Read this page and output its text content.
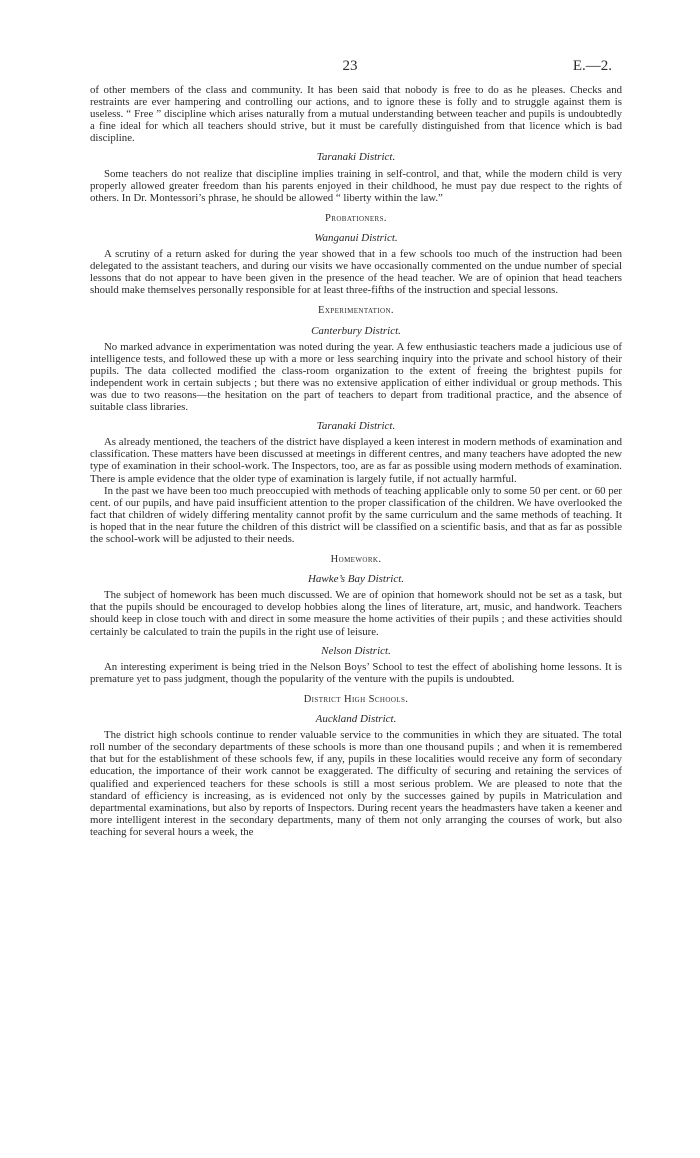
23	E.—2.

of other members of the class and community. It has been said that nobody is free to do as he pleases. Checks and restraints are ever hampering and controlling our actions, and to ignore these is folly and to struggle against them is useless. “ Free ” discipline which arises naturally from a mutual understanding between teacher and pupils is undoubtedly a fine ideal for which all teachers should strive, but it must be carefully distinguished from that licence which is bad discipline.

Taranaki District.

Some teachers do not realize that discipline implies training in self-control, and that, while the modern child is very properly allowed greater freedom than his parents enjoyed in their childhood, he must pay due respect to the rights of others. In Dr. Montessori’s phrase, he should be allowed “ liberty within the law.”

Probationers.
Wanganui District.

A scrutiny of a return asked for during the year showed that in a few schools too much of the instruction had been delegated to the assistant teachers, and during our visits we have occasionally commented on the undue number of special lessons that do not appear to have been given in the presence of the head teacher. We are of opinion that head teachers should make themselves personally responsible for at least three-fifths of the instruction and special lessons.

Experimentation.
Canterbury District.

No marked advance in experimentation was noted during the year. A few enthusiastic teachers made a judicious use of intelligence tests, and followed these up with a more or less searching inquiry into the private and school history of their pupils. The data collected modified the class-room organization to the extent of freeing the brightest pupils for independent work in certain subjects ; but there was no extensive application of either individual or group methods. This was due to two reasons—the hesitation on the part of teachers to depart from traditional practice, and the absence of suitable class libraries.

Taranaki District.

As already mentioned, the teachers of the district have displayed a keen interest in modern methods of examination and classification. These matters have been discussed at meetings in different centres, and many teachers have adopted the new type of examination in their school-work. The Inspectors, too, are as far as possible using modern methods of examination. There is ample evidence that the older type of examination is largely futile, if not actually harmful.

In the past we have been too much preoccupied with methods of teaching applicable only to some 50 per cent. or 60 per cent. of our pupils, and have paid insufficient attention to the proper classification of the children. We have overlooked the fact that children of widely differing mentality cannot profit by the same curriculum and the same methods of teaching. It is hoped that in the near future the children of this district will be classified on a scientific basis, and that as far as possible the school-work will be adjusted to their needs.

Homework.
Hawke’s Bay District.

The subject of homework has been much discussed. We are of opinion that homework should not be set as a task, but that the pupils should be encouraged to develop hobbies along the lines of literature, art, music, and handwork. Teachers should keep in close touch with and direct in some measure the home activities of their pupils ; and these activities should certainly be calculated to train the pupils in the right use of leisure.

Nelson District.

An interesting experiment is being tried in the Nelson Boys’ School to test the effect of abolishing home lessons. It is premature yet to pass judgment, though the popularity of the venture with the pupils is undoubted.

District High Schools.
Auckland District.

The district high schools continue to render valuable service to the communities in which they are situated. The total roll number of the secondary departments of these schools is more than one thousand pupils ; and when it is remembered that but for the establishment of these schools few, if any, pupils in these localities would receive any form of secondary education, the importance of their work cannot be exaggerated. The difficulty of securing and retaining the services of qualified and experienced teachers for these schools is still a most serious problem. We are pleased to note that the standard of efficiency is increasing, as is evidenced not only by the successes gained by pupils in Matriculation and departmental examinations, but also by reports of Inspectors. During recent years the headmasters have taken a keener and more intelligent interest in the secondary departments, many of them not only arranging the courses of work, but also teaching for several hours a week, the
